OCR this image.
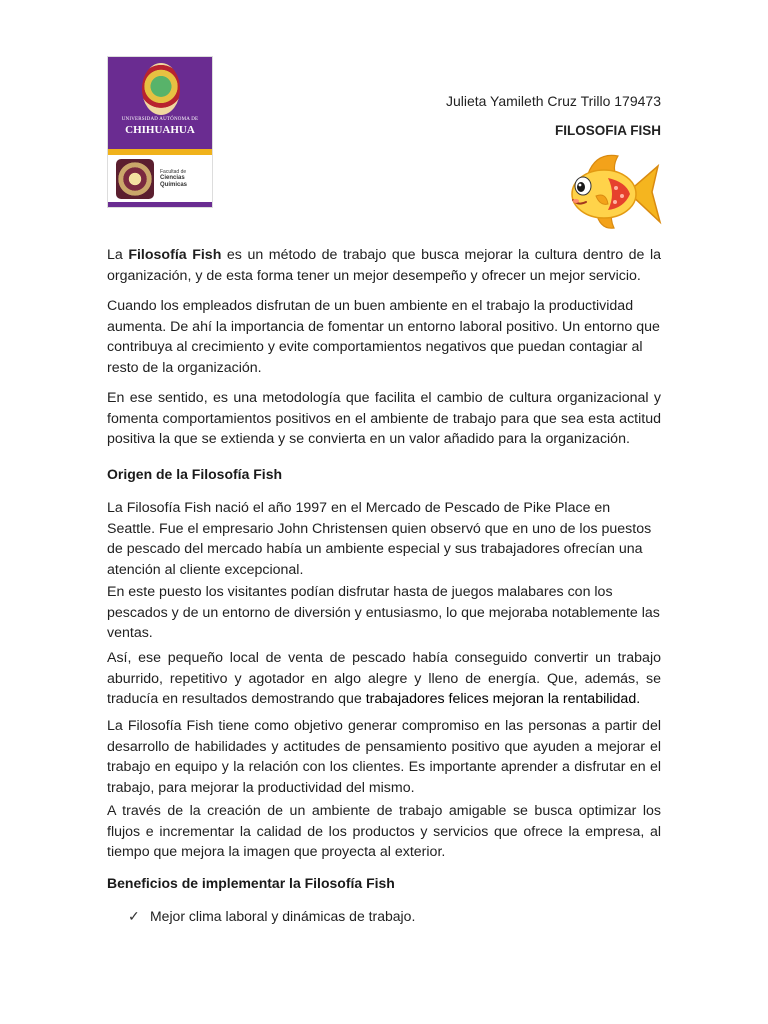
UNIVERSIDAD AUTÓNOMA DE
CHIHUAHUA
Facultad de
Ciencias
Químicas
Julieta Yamileth Cruz Trillo 179473
FILOSOFIA FISH
La Filosofía Fish es un método de trabajo que busca mejorar la cultura dentro de la organización, y de esta forma tener un mejor desempeño y ofrecer un mejor servicio.
Cuando los empleados disfrutan de un buen ambiente en el trabajo la productividad aumenta. De ahí la importancia de fomentar un entorno laboral positivo. Un entorno que contribuya al crecimiento y evite comportamientos negativos que puedan contagiar al resto de la organización.
En ese sentido, es una metodología que facilita el cambio de cultura organizacional y fomenta comportamientos positivos en el ambiente de trabajo para que sea esta actitud positiva la que se extienda y se convierta en un valor añadido para la organización.
Origen de la Filosofía Fish
La Filosofía Fish nació el año 1997 en el Mercado de Pescado de Pike Place en Seattle. Fue el empresario John Christensen quien observó que en uno de los puestos de pescado del mercado había un ambiente especial y sus trabajadores ofrecían una atención al cliente excepcional.
En este puesto los visitantes podían disfrutar hasta de juegos malabares con los pescados y de un entorno de diversión y entusiasmo, lo que mejoraba notablemente las ventas.
Así, ese pequeño local de venta de pescado había conseguido convertir un trabajo aburrido, repetitivo y agotador en algo alegre y lleno de energía. Que, además, se traducía en resultados demostrando que trabajadores felices mejoran la rentabilidad.
La Filosofía Fish tiene como objetivo generar compromiso en las personas a partir del desarrollo de habilidades y actitudes de pensamiento positivo que ayuden a mejorar el trabajo en equipo y la relación con los clientes. Es importante aprender a disfrutar en el trabajo, para mejorar la productividad del mismo.
A través de la creación de un ambiente de trabajo amigable se busca optimizar los flujos e incrementar la calidad de los productos y servicios que ofrece la empresa, al tiempo que mejora la imagen que proyecta al exterior.
Beneficios de implementar la Filosofía Fish
✓ Mejor clima laboral y dinámicas de trabajo.
